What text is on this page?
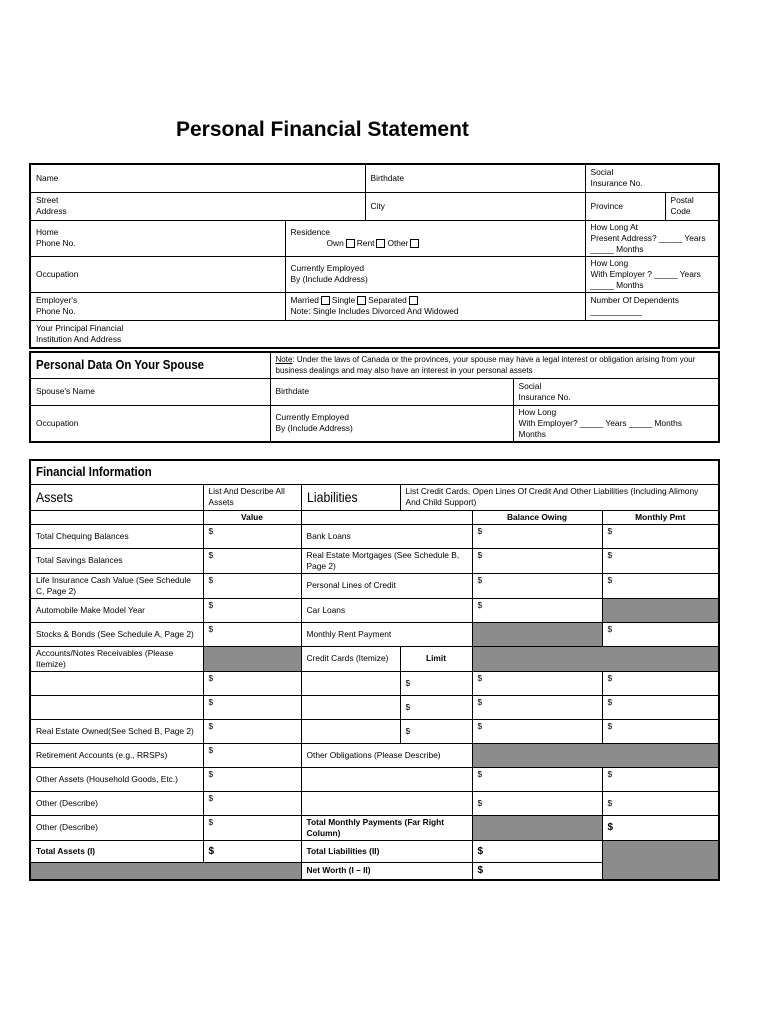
Personal Financial Statement
Name		Birthdate	Social
Insurance No.	
Street
Address		City	Province	Postal
Code
Home
Phone No.	Residence
Own Rent Other		How Long At
Present Address? _____ Years _____ Months	
Occupation	Currently Employed
By (Include Address)		How Long
With Employer ? _____ Years _____ Months	
Employer's
Phone No.	Married Single Separated
Note: Single Includes Divorced And Widowed		Number Of Dependents ___________	
Your Principal Financial
Institution And Address				
Personal Data On Your Spouse	Note: Under the laws of Canada or the provinces, your spouse may have a legal interest or obligation arising from your business dealings and may also have an interest in your personal assets	
Spouse's Name	Birthdate	Social
Insurance No.
Occupation	Currently Employed
By (Include Address)	How Long
With Employer? _____ Years _____ Months
Months
Financial Information					

Assets	List And Describe All Assets	Liabilities	List Credit Cards, Open Lines Of Credit And Other Liabilities (Including Alimony And Child Support)		
	Value			Balance Owing	Monthly Pmt
Total Chequing Balances	$	Bank Loans		$	$
Total Savings Balances	$	Real Estate Mortgages (See Schedule B, Page 2)		$	$
Life Insurance Cash Value (See Schedule C, Page 2)	$	Personal Lines of Credit		$	$
Automobile Make Model Year	$	Car Loans		$	
Stocks & Bonds (See Schedule A, Page 2)	$	Monthly Rent Payment			$
Accounts/Notes Receivables (Please Itemize)		Credit Cards (Itemize)	Limit		
	$		$	$	$
	$		$	$	$
Real Estate Owned(See Sched B, Page 2)	$		$	$	$
Retirement Accounts (e.g., RRSPs)	$	Other Obligations (Please Describe)			
Other Assets (Household Goods, Etc.)	$			$	$
Other (Describe)	$			$	$
Other (Describe)	$	Total Monthly Payments (Far Right Column)			$
Total Assets (I)	$	Total Liabilities (II)		$	
		Net Worth (I – II)		$	
